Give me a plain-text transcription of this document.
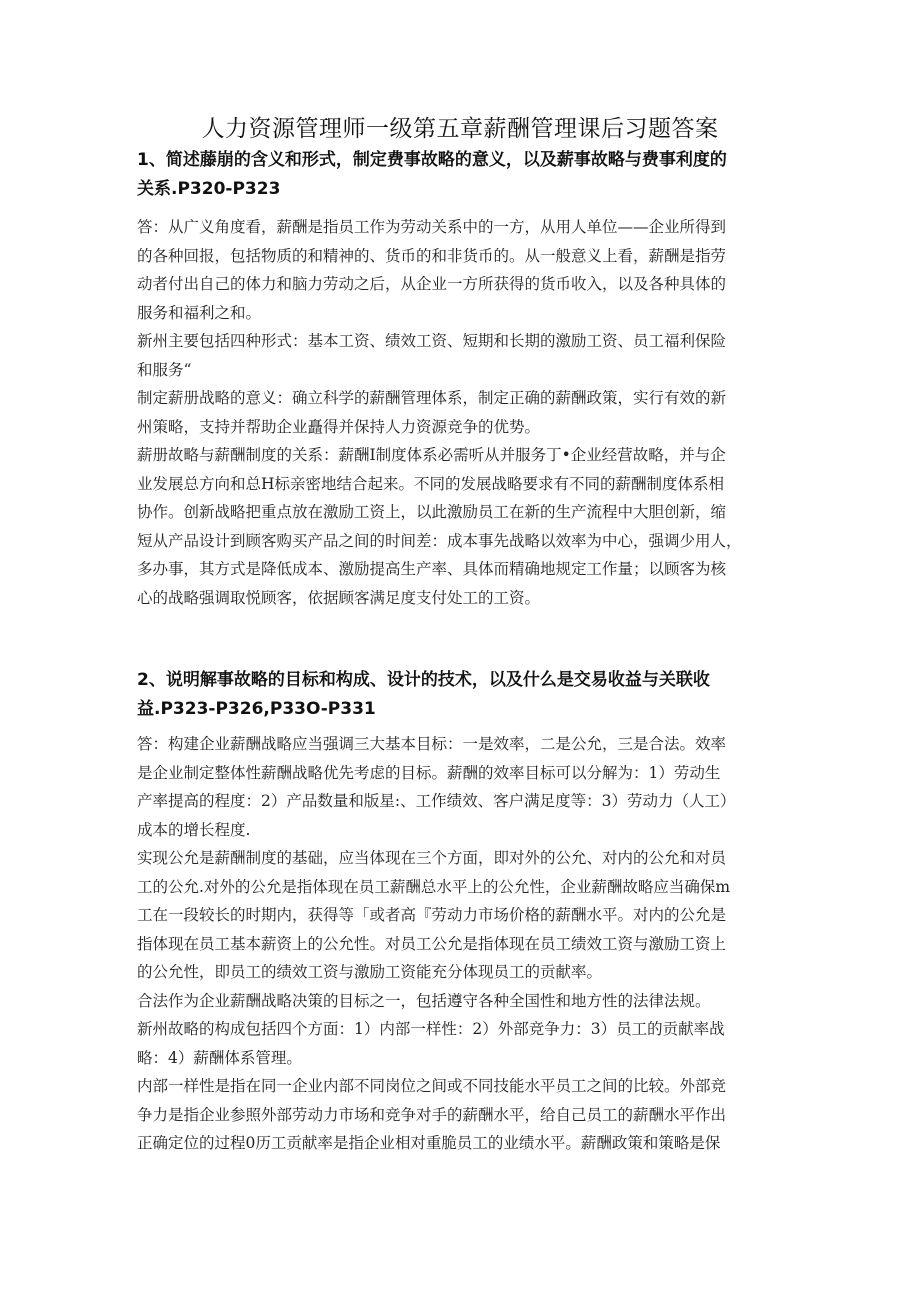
人力资源管理师一级第五章薪酬管理课后习题答案
1、简述藤崩的含义和形式，制定费事故略的意义，以及薪事故略与费事利度的
关系.P320-P323
答：从广义角度看，薪酬是指员工作为劳动关系中的一方，从用人单位——企业所得到
的各种回报，包括物质的和精神的、货币的和非货币的。从一般意义上看，薪酬是指劳
动者付出自己的体力和脑力劳动之后，从企业一方所获得的货币收入，以及各种具体的
服务和福利之和。
新州主要包括四种形式：基本工资、绩效工资、短期和长期的激励工资、员工福利保险
和服务“
制定薪册战略的意义：确立科学的薪酬管理体系，制定正确的薪酬政策，实行有效的新
州策略，支持并帮助企业矗得并保持人力资源竞争的优势。
薪册故略与薪酬制度的关系：薪酬I制度体系必需听从并服务丁•企业经营故略，并与企
业发展总方向和总H标亲密地结合起来。不同的发展战略要求有不同的薪酬制度体系相
协作。创新战略把重点放在激励工资上，以此激励员工在新的生产流程中大胆创新，缩
短从产品设计到顾客购买产品之间的时间差：成本事先战略以效率为中心，强调少用人，
多办事，其方式是降低成本、激励提高生产率、具体而精确地规定工作量；以顾客为核
心的战略强调取悦顾客，依据顾客满足度支付处工的工资。
2、说明解事故略的目标和构成、设计的技术，以及什么是交易收益与关联收
益.P323-P326,P33O-P331
答：构建企业薪酬战略应当强调三大基本目标：一是效率，二是公允，三是合法。效率
是企业制定整体性薪酬战略优先考虑的目标。薪酬的效率目标可以分解为：1）劳动生
产率提高的程度：2）产品数量和版星:、工作绩效、客户满足度等：3）劳动力（人工）
成本的增长程度.
实现公允是薪酬制度的基础，应当体现在三个方面，即对外的公允、对内的公允和对员
工的公允.对外的公允是指体现在员工薪酬总水平上的公允性，企业薪酬故略应当确保m
工在一段较长的时期内，获得等「或者高『劳动力市场价格的薪酬水平。对内的公允是
指体现在员工基本薪资上的公允性。对员工公允是指体现在员工绩效工资与激励工资上
的公允性，即员工的绩效工资与激励工资能充分体现员工的贡献率。
合法作为企业薪酬战略决策的目标之一，包括遵守各种全国性和地方性的法律法规。
新州故略的构成包括四个方面：1）内部一样性：2）外部竞争力：3）员工的贡献率战
略：4）薪酬体系管理。
内部一样性是指在同一企业内部不同岗位之间或不同技能水平员工之间的比较。外部竞
争力是指企业参照外部劳动力市场和竞争对手的薪酬水平，给自己员工的薪酬水平作出
正确定位的过程0历工贡献率是指企业相对重脆员工的业绩水平。薪酬政策和策略是保
